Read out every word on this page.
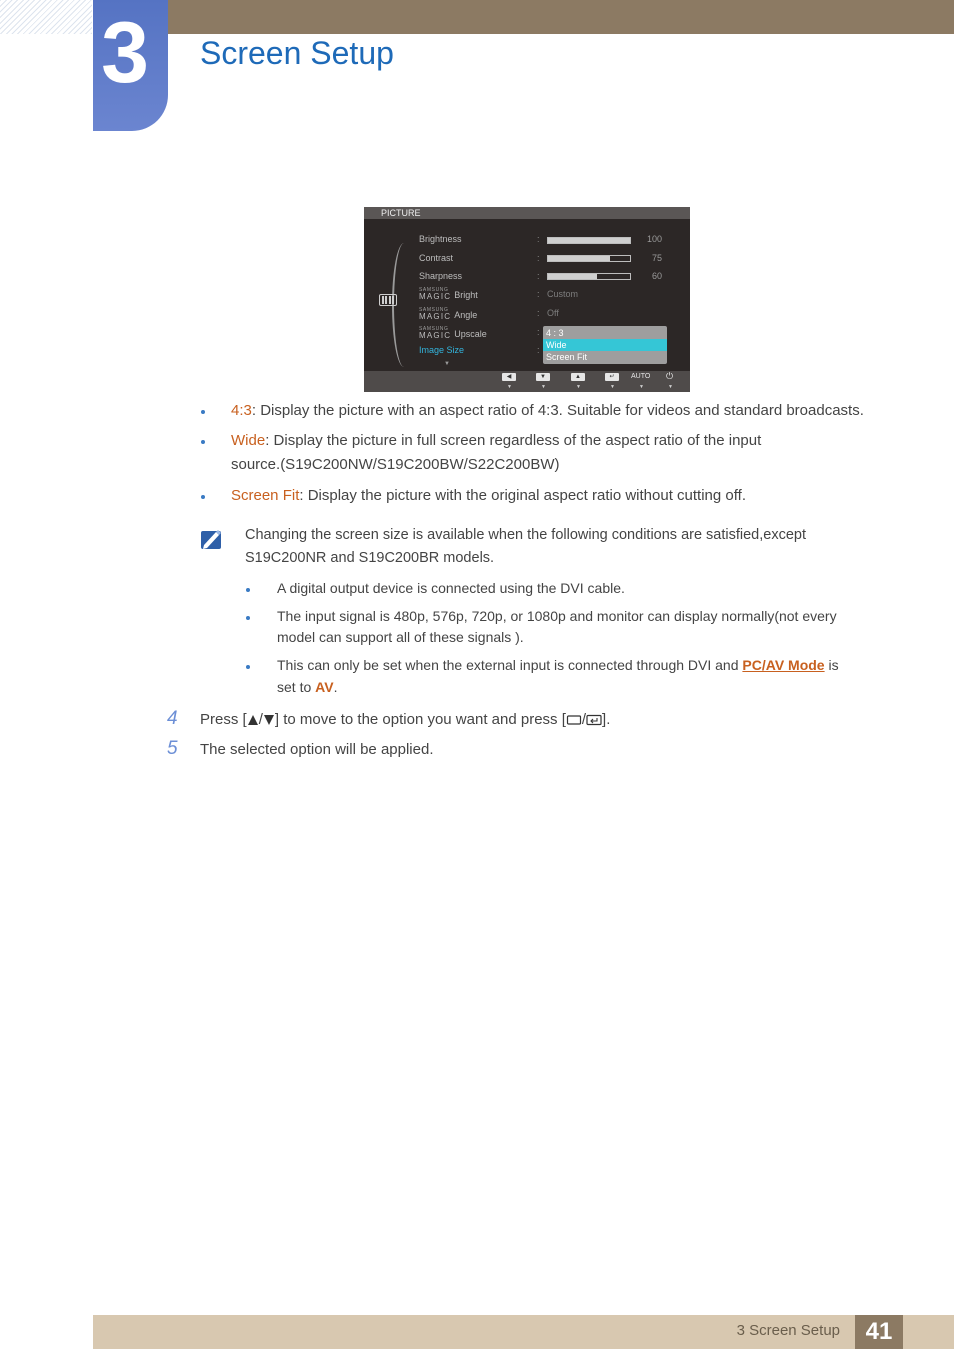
3 Screen Setup
PICTURE
Brightness	:	100
Contrast	:	75
Sharpness	:	60
SAMSUNG
MAGIC Bright	: Custom
SAMSUNG
MAGIC Angle	: Off
SAMSUNG
MAGIC Upscale	:
Image Size	:
4 : 3
Wide
Screen Fit
▼
◀
▼
▼
▼
▲
▼
↵
▼
AUTO
▼
⏻
▼
4:3: Display the picture with an aspect ratio of 4:3. Suitable for videos and standard broadcasts.
Wide: Display the picture in full screen regardless of the aspect ratio of the input
source.(S19C200NW/S19C200BW/S22C200BW)
Screen Fit: Display the picture with the original aspect ratio without cutting off.
Changing the screen size is available when the following conditions are satisfied,except
S19C200NR and S19C200BR models.
A digital output device is connected using the DVI cable.
The input signal is 480p, 576p, 720p, or 1080p and monitor can display normally(not every
model can support all of these signals ).
This can only be set when the external input is connected through DVI and PC/AV Mode is
set to AV.
4 Press [ / ] to move to the option you want and press [ / ].
5 The selected option will be applied.
3 Screen Setup	41
